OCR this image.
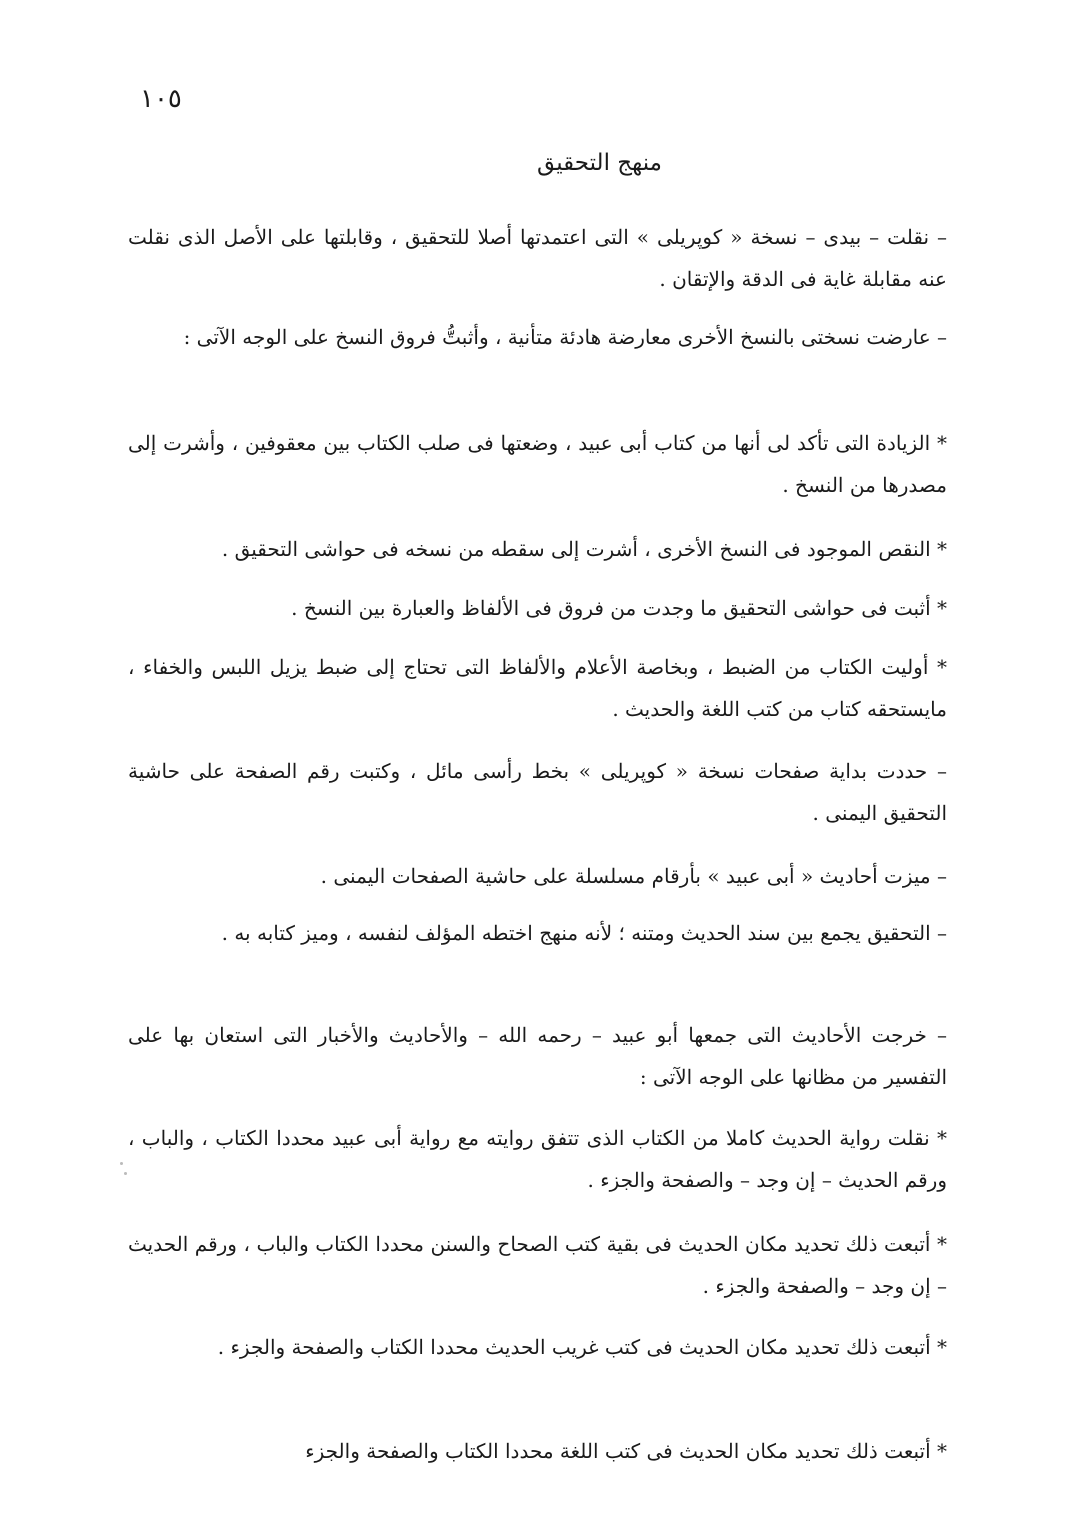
١٠٥
منهج التحقيق

– نقلت – بيدى – نسخة « كوپريلى » التى اعتمدتها أصلا للتحقيق ، وقابلتها على الأصل الذى نقلت عنه مقابلة غاية فى الدقة والإتقان .

– عارضت نسختى بالنسخ الأخرى معارضة هادئة متأنية ، وأثبتُّ فروق النسخ على الوجه الآتى :

* الزيادة التى تأكد لى أنها من كتاب أبى عبيد ، وضعتها فى صلب الكتاب بين معقوفين ، وأشرت إلى مصدرها من النسخ .

* النقص الموجود فى النسخ الأخرى ، أشرت إلى سقطه من نسخه فى حواشى التحقيق .

* أثبت فى حواشى التحقيق ما وجدت من فروق فى الألفاظ والعبارة بين النسخ .

* أوليت الكتاب من الضبط ، وبخاصة الأعلام والألفاظ التى تحتاج إلى ضبط يزيل اللبس والخفاء ، مايستحقه كتاب من كتب اللغة والحديث .

– حددت بداية صفحات نسخة « كوپريلى » بخط رأسى مائل ، وكتبت رقم الصفحة على حاشية التحقيق اليمنى .

– ميزت أحاديث « أبى عبيد » بأرقام مسلسلة على حاشية الصفحات اليمنى .

– التحقيق يجمع بين سند الحديث ومتنه ؛ لأنه منهج اختطه المؤلف لنفسه ، وميز كتابه به .

– خرجت الأحاديث التى جمعها أبو عبيد – رحمه الله – والأحاديث والأخبار التى استعان بها على التفسير من مظانها على الوجه الآتى :

* نقلت رواية الحديث كاملا من الكتاب الذى تتفق روايته مع رواية أبى عبيد محددا الكتاب ، والباب ، ورقم الحديث – إن وجد – والصفحة والجزء .

* أتبعت ذلك تحديد مكان الحديث فى بقية كتب الصحاح والسنن محددا الكتاب والباب ، ورقم الحديث – إن وجد – والصفحة والجزء .

* أتبعت ذلك تحديد مكان الحديث فى كتب غريب الحديث محددا الكتاب والصفحة والجزء .

* أتبعت ذلك تحديد مكان الحديث فى كتب اللغة محددا الكتاب والصفحة والجزء
